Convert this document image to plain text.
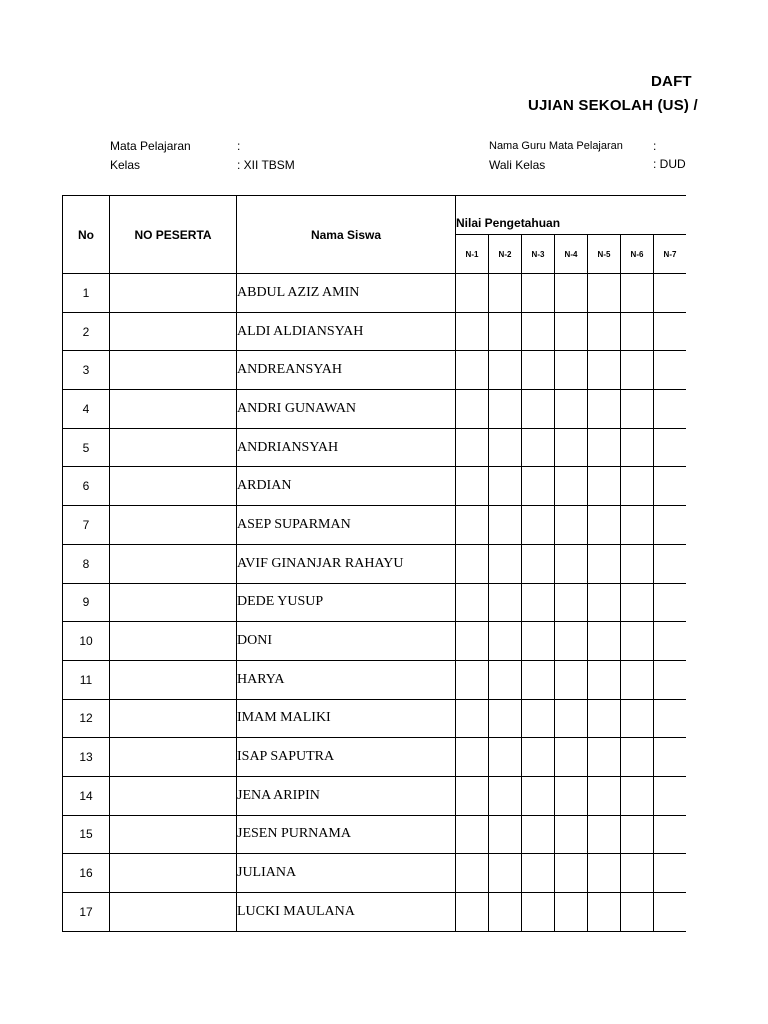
DAFT
UJIAN SEKOLAH (US) /
Mata Pelajaran	:
Kelas	: XII TBSM
Nama Guru Mata Pelajaran	:
Wali Kelas	: DUD
No	NO PESERTA	Nama Siswa	Nilai Pengetahuan							
			N-1	N-2	N-3	N-4	N-5	N-6	N-7	
1		ABDUL AZIZ AMIN								
2		ALDI ALDIANSYAH								
3		ANDREANSYAH								
4		ANDRI GUNAWAN								
5		ANDRIANSYAH								
6		ARDIAN								
7		ASEP SUPARMAN								
8		AVIF GINANJAR RAHAYU								
9		DEDE YUSUP								
10		DONI								
11		HARYA								
12		IMAM MALIKI								
13		ISAP SAPUTRA								
14		JENA ARIPIN								
15		JESEN PURNAMA								
16		JULIANA								
17		LUCKI MAULANA								
